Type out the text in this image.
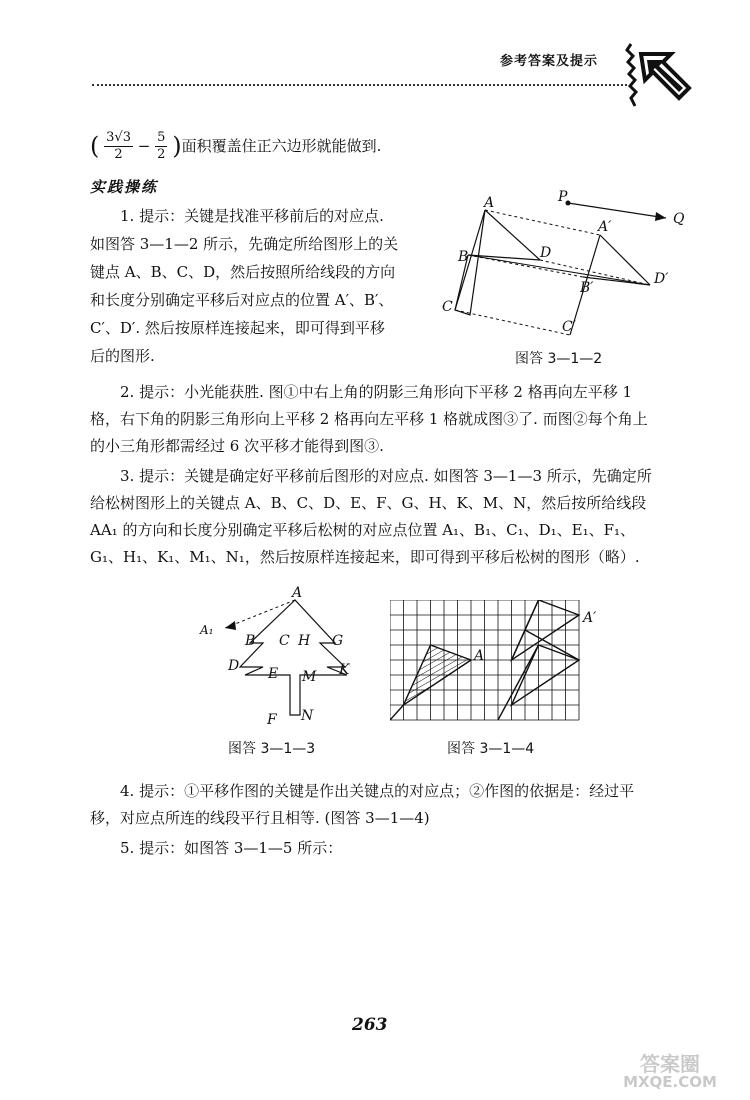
参考答案及提示
( $\frac{3√3}{2} - \frac{5}{2}$ )面积覆盖住正六边形就能做到.
实践操练
1. 提示：关键是找准平移前后的对应点.
如图答 3—1—2 所示，先确定所给图形上的关
键点 A、B、C、D，然后按照所给线段的方向
和长度分别确定平移后对应点的位置 A′、B′、
C′、D′. 然后按原样连接起来，即可得到平移
后的图形.
P
Q
A
A′
B
B′
C
C′
D
D′
图答 3—1—2
2. 提示：小光能获胜. 图①中右上角的阴影三角形向下平移 2 格再向左平移 1 格，右下角的阴影三角形向上平移 2 格再向左平移 1 格就成图③了. 而图②每个角上的小三角形都需经过 6 次平移才能得到图③.
3. 提示：关键是确定好平移前后图形的对应点. 如图答 3—1—3 所示，先确定所给松树图形上的关键点 A、B、C、D、E、F、G、H、K、M、N，然后按所给线段 AA₁ 的方向和长度分别确定平移后松树的对应点位置 A₁、B₁、C₁、D₁、E₁、F₁、G₁、H₁、K₁、M₁、N₁，然后按原样连接起来，即可得到平移后松树的图形（略）.
A
A₁
B C H G
D	K
E M
F N
图答 3—1—3
A
A′
图答 3—1—4
4. 提示：①平移作图的关键是作出关键点的对应点；②作图的依据是：经过平移，对应点所连的线段平行且相等. (图答 3—1—4)
5. 提示：如图答 3—1—5 所示：
263
答案圈
MXQE.COM
